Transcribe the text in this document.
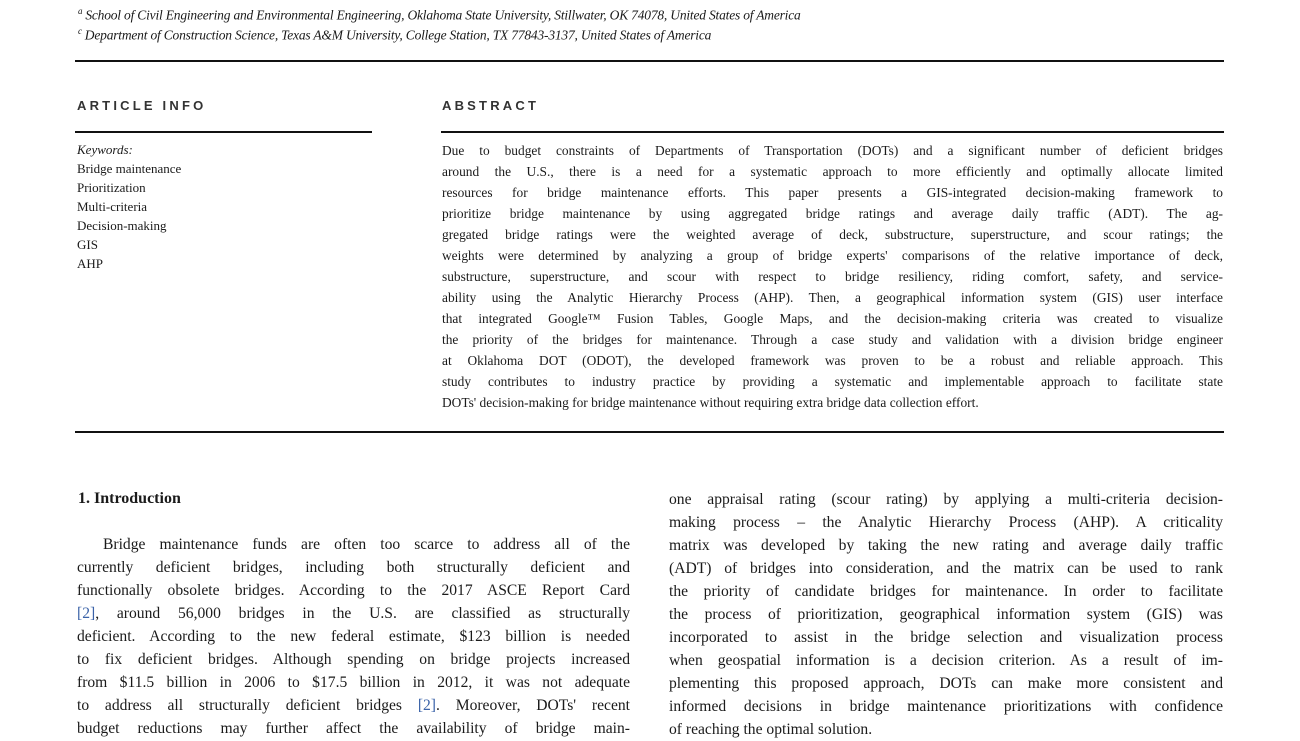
$^a$ School of Civil Engineering and Environmental Engineering, Oklahoma State University, Stillwater, OK 74078, United States of America
$^c$ Department of Construction Science, Texas A&M University, College Station, TX 77843-3137, United States of America
ARTICLE INFO
Keywords:
Bridge maintenance
Prioritization
Multi-criteria
Decision-making
GIS
AHP
ABSTRACT
Due to budget constraints of Departments of Transportation (DOTs) and a significant number of deficient bridges
around the U.S., there is a need for a systematic approach to more efficiently and optimally allocate limited
resources for bridge maintenance efforts. This paper presents a GIS-integrated decision-making framework to
prioritize bridge maintenance by using aggregated bridge ratings and average daily traffic (ADT). The ag-
gregated bridge ratings were the weighted average of deck, substructure, superstructure, and scour ratings; the
weights were determined by analyzing a group of bridge experts' comparisons of the relative importance of deck,
substructure, superstructure, and scour with respect to bridge resiliency, riding comfort, safety, and service-
ability using the Analytic Hierarchy Process (AHP). Then, a geographical information system (GIS) user interface
that integrated Google™ Fusion Tables, Google Maps, and the decision-making criteria was created to visualize
the priority of the bridges for maintenance. Through a case study and validation with a division bridge engineer
at Oklahoma DOT (ODOT), the developed framework was proven to be a robust and reliable approach. This
study contributes to industry practice by providing a systematic and implementable approach to facilitate state
DOTs' decision-making for bridge maintenance without requiring extra bridge data collection effort.
1. Introduction
Bridge maintenance funds are often too scarce to address all of the
currently deficient bridges, including both structurally deficient and
functionally obsolete bridges. According to the 2017 ASCE Report Card
[2], around 56,000 bridges in the U.S. are classified as structurally
deficient. According to the new federal estimate, $123 billion is needed
to fix deficient bridges. Although spending on bridge projects increased
from $11.5 billion in 2006 to $17.5 billion in 2012, it was not adequate
to address all structurally deficient bridges [2]. Moreover, DOTs' recent
budget reductions may further affect the availability of bridge main-
one appraisal rating (scour rating) by applying a multi-criteria decision-
making process – the Analytic Hierarchy Process (AHP). A criticality
matrix was developed by taking the new rating and average daily traffic
(ADT) of bridges into consideration, and the matrix can be used to rank
the priority of candidate bridges for maintenance. In order to facilitate
the process of prioritization, geographical information system (GIS) was
incorporated to assist in the bridge selection and visualization process
when geospatial information is a decision criterion. As a result of im-
plementing this proposed approach, DOTs can make more consistent and
informed decisions in bridge maintenance prioritizations with confidence
of reaching the optimal solution.
